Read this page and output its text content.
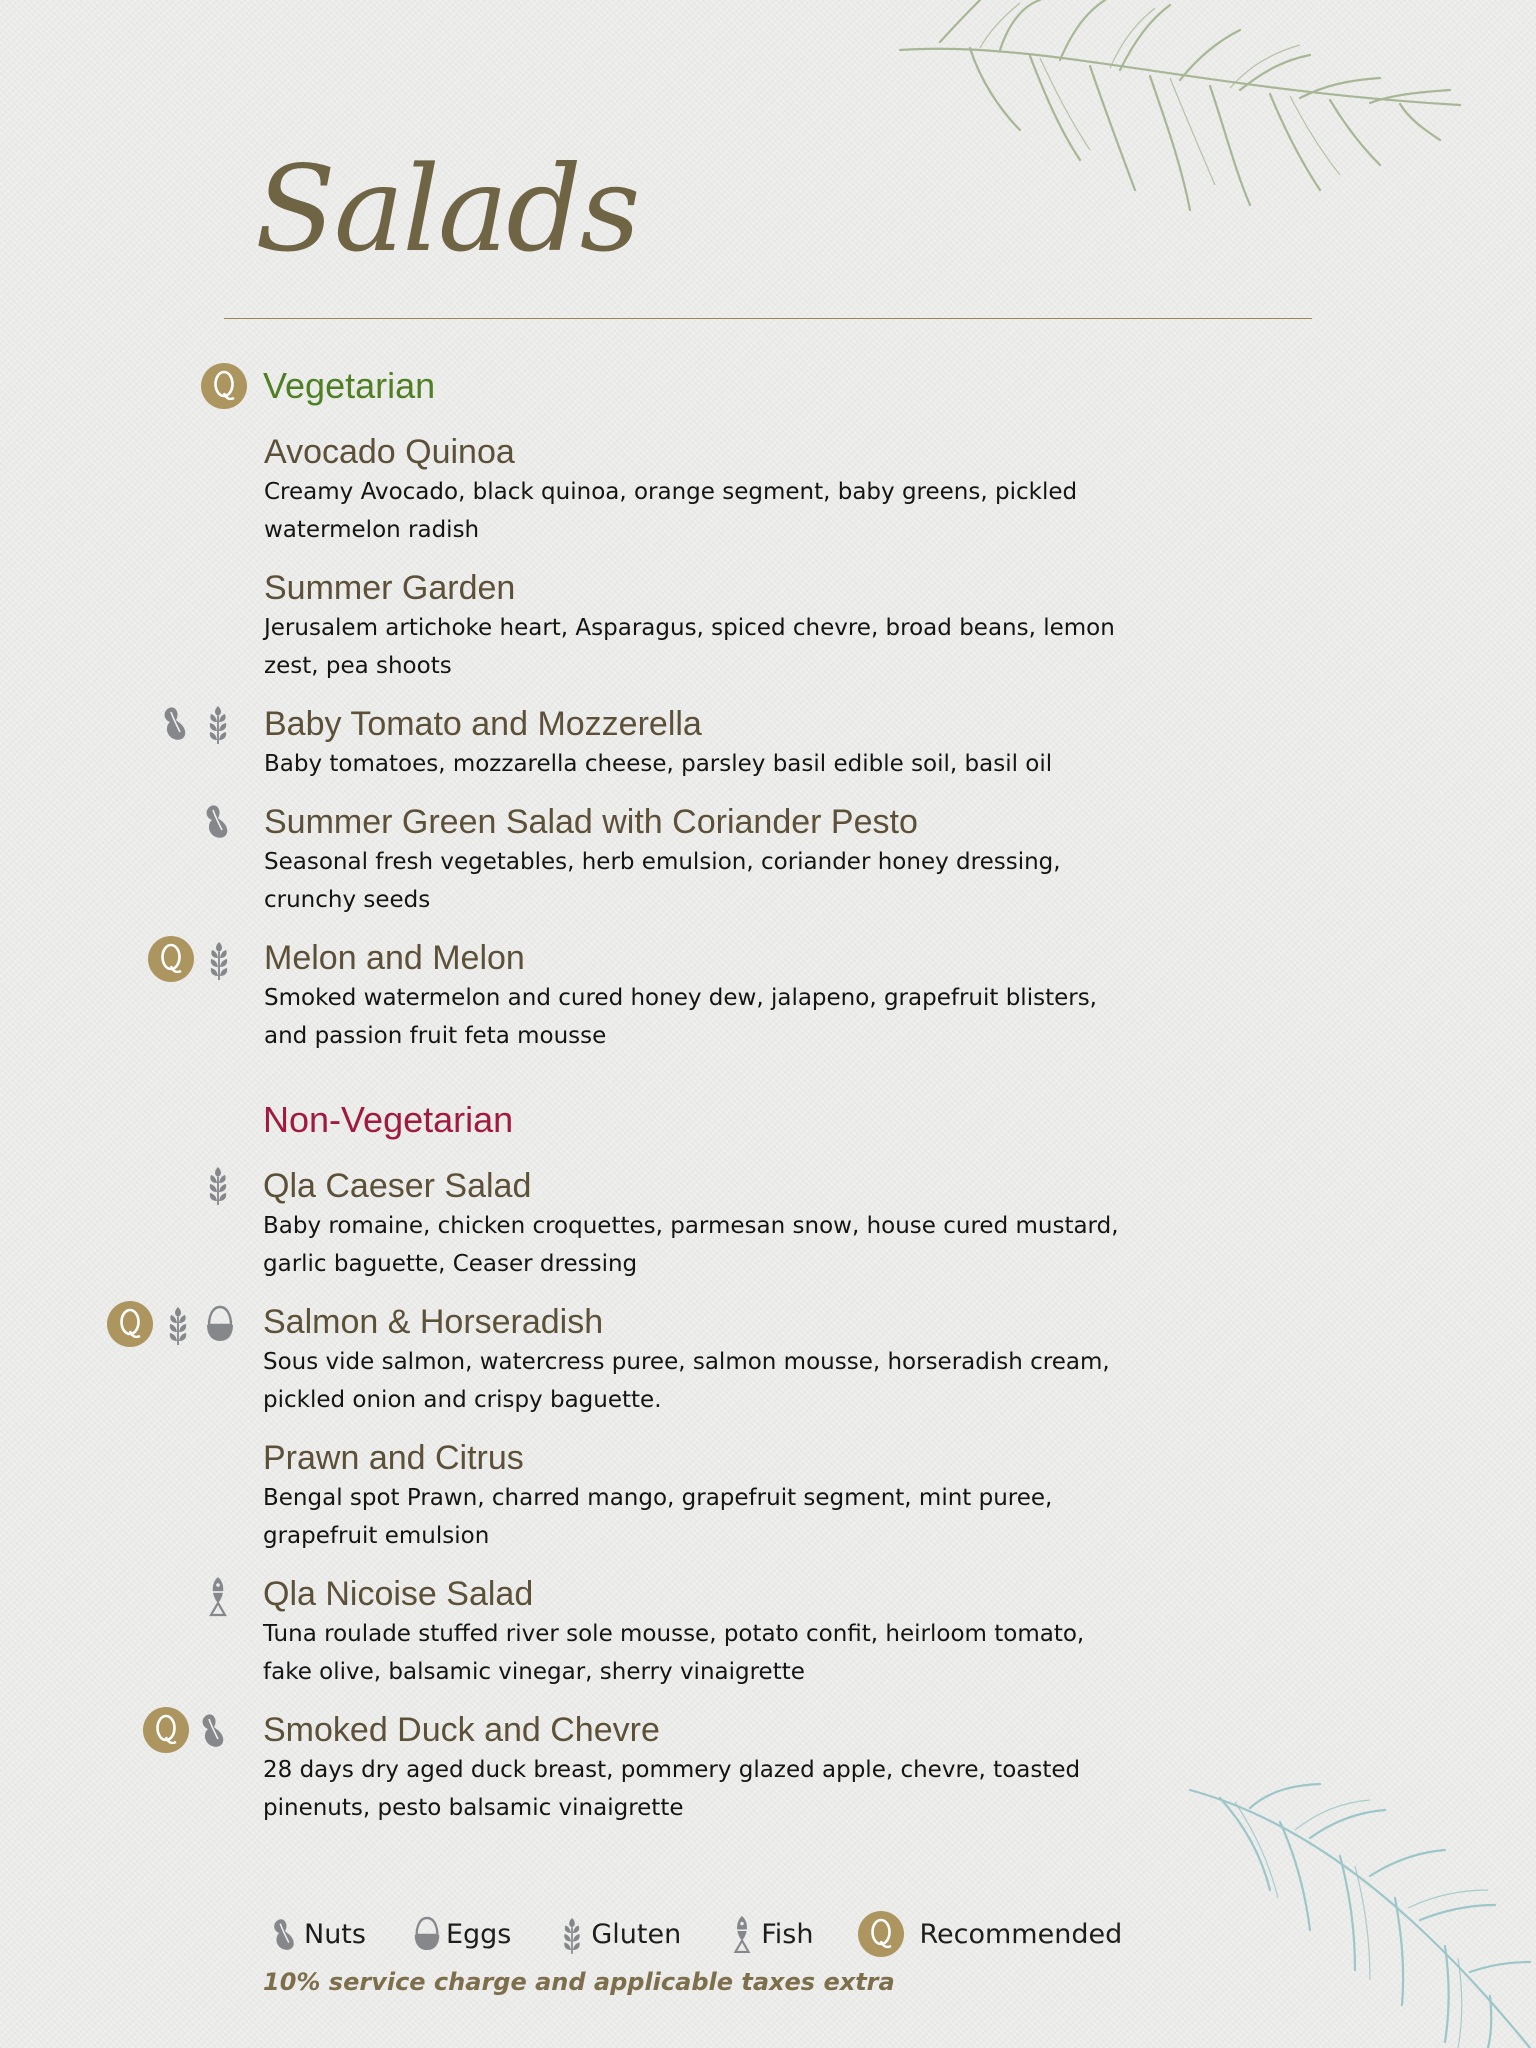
Salads
Vegetarian
Avocado Quinoa
Creamy Avocado, black quinoa, orange segment, baby greens, pickled watermelon radish
Summer Garden
Jerusalem artichoke heart, Asparagus, spiced chevre, broad beans, lemon zest, pea shoots
Baby Tomato and Mozzerella
Baby tomatoes, mozzarella cheese, parsley basil edible soil, basil oil
Summer Green Salad with Coriander Pesto
Seasonal fresh vegetables, herb emulsion, coriander honey dressing, crunchy seeds
Melon and Melon
Smoked watermelon and cured honey dew, jalapeno, grapefruit blisters, and passion fruit feta mousse
Non-Vegetarian
Qla Caeser Salad
Baby romaine, chicken croquettes, parmesan snow, house cured mustard, garlic baguette, Ceaser dressing
Salmon & Horseradish
Sous vide salmon, watercress puree, salmon mousse, horseradish cream, pickled onion and crispy baguette.
Prawn and Citrus
Bengal spot Prawn, charred mango, grapefruit segment, mint puree, grapefruit emulsion
Qla Nicoise Salad
Tuna roulade stuffed river sole mousse, potato confit, heirloom tomato, fake olive, balsamic vinegar, sherry vinaigrette
Smoked Duck and Chevre
28 days dry aged duck breast, pommery glazed apple, chevre, toasted pinenuts, pesto balsamic vinaigrette
Nuts	Eggs	Gluten	Fish	Recommended

10% service charge and applicable taxes extra
